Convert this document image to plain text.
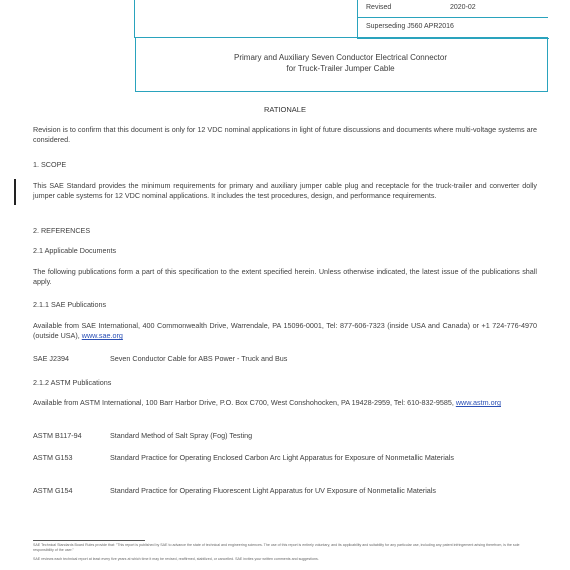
Revised	2020-02
Superseding J560 APR2016
Primary and Auxiliary Seven Conductor Electrical Connector
for Truck-Trailer Jumper Cable
RATIONALE
Revision is to confirm that this document is only for 12 VDC nominal applications in light of future discussions and documents where multi-voltage systems are considered.
1. SCOPE
This SAE Standard provides the minimum requirements for primary and auxiliary jumper cable plug and receptacle for the truck-trailer and converter dolly jumper cable systems for 12 VDC nominal applications. It includes the test procedures, design, and performance requirements.
2. REFERENCES
2.1 Applicable Documents
The following publications form a part of this specification to the extent specified herein. Unless otherwise indicated, the latest issue of the publications shall apply.
2.1.1 SAE Publications
Available from SAE International, 400 Commonwealth Drive, Warrendale, PA 15096-0001, Tel: 877-606-7323 (inside USA and Canada) or +1 724-776-4970 (outside USA), www.sae.org
SAE J2394	Seven Conductor Cable for ABS Power - Truck and Bus
2.1.2 ASTM Publications
Available from ASTM International, 100 Barr Harbor Drive, P.O. Box C700, West Conshohocken, PA 19428-2959, Tel: 610-832-9585, www.astm.org
ASTM B117-94	Standard Method of Salt Spray (Fog) Testing
ASTM G153	Standard Practice for Operating Enclosed Carbon Arc Light Apparatus for Exposure of Nonmetallic Materials
ASTM G154	Standard Practice for Operating Fluorescent Light Apparatus for UV Exposure of Nonmetallic Materials
SAE Technical Standards Board Rules provide that: "This report is published by SAE to advance the state of technical and engineering sciences. The use of this report is entirely voluntary, and its applicability and suitability for any particular use, including any patent infringement arising therefrom, is the sole responsibility of the user."
SAE reviews each technical report at least every five years at which time it may be revised, reaffirmed, stabilized, or cancelled. SAE invites your written comments and suggestions.
